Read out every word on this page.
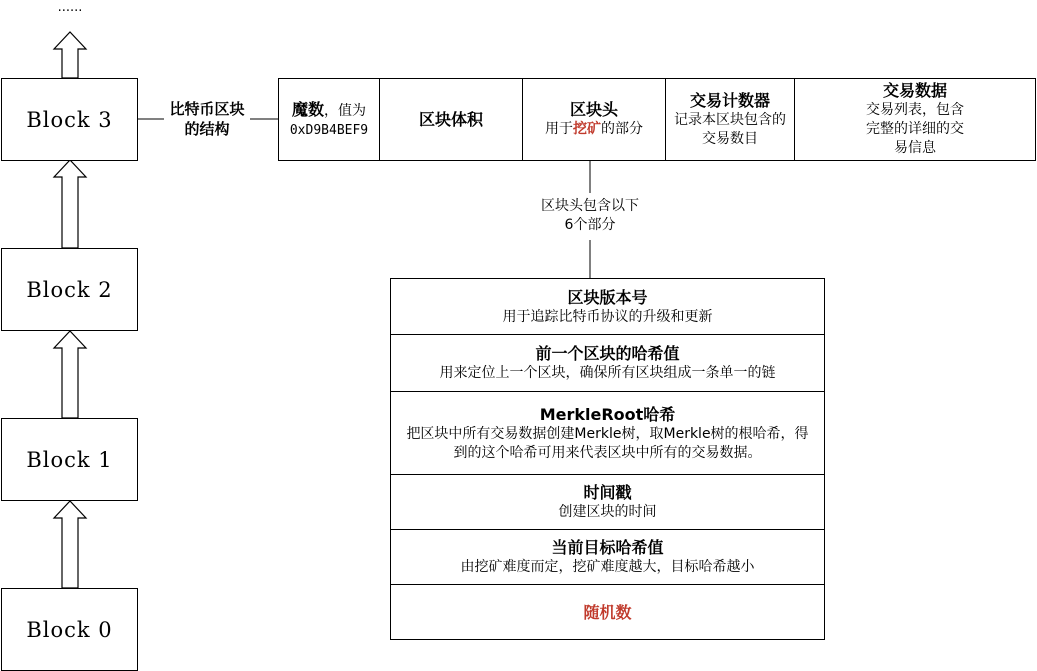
......
Block 3
Block 2
Block 1
Block 0
比特币区块的结构
魔数，值为
0xD9B4BEF9
区块体积	区块头
用于挖矿的部分
交易计数器
记录本区块包含的交易数目
交易数据
交易列表，包含完整的详细的交易信息
区块头包含以下6个部分
区块版本号
用于追踪比特币协议的升级和更新
前一个区块的哈希值
用来定位上一个区块，确保所有区块组成一条单一的链
MerkleRoot哈希
把区块中所有交易数据创建Merkle树，取Merkle树的根哈希，得到的这个哈希可用来代表区块中所有的交易数据。
时间戳
创建区块的时间
当前目标哈希值
由挖矿难度而定，挖矿难度越大，目标哈希越小
随机数
